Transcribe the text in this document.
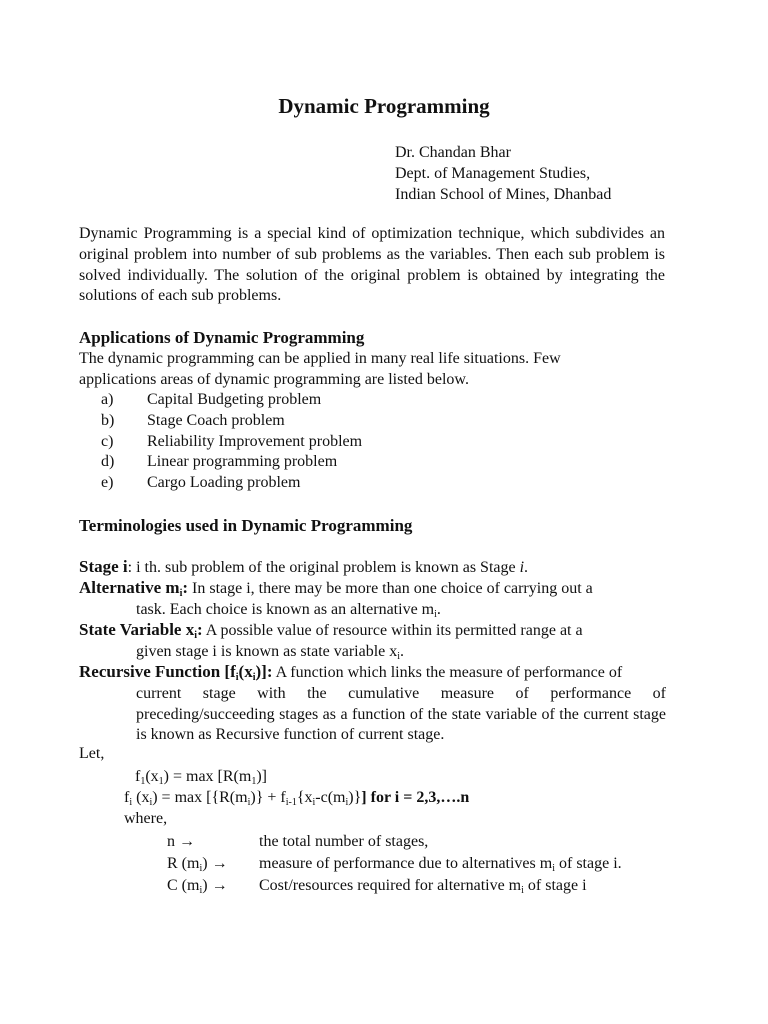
Dynamic Programming
Dr. Chandan Bhar
Dept. of Management Studies,
Indian School of Mines, Dhanbad
Dynamic Programming is a special kind of optimization technique, which subdivides an original problem into number of sub problems as the variables. Then each sub problem is solved individually. The solution of the original problem is obtained by integrating the solutions of each sub problems.
Applications of Dynamic Programming
The dynamic programming can be applied in many real life situations. Few
applications areas of dynamic programming are listed below.
a)	Capital Budgeting problem
b)	Stage Coach problem
c)	Reliability Improvement problem
d)	Linear programming problem
e)	Cargo Loading problem
Terminologies used in Dynamic Programming
Stage i: i th. sub problem of the original problem is known as Stage i.
Alternative $m_i$: In stage i, there may be more than one choice of carrying out a
task. Each choice is known as an alternative $m_i$.
State Variable $x_i$: A possible value of resource within its permitted range at a
given stage i is known as state variable $x_i$.
Recursive Function $[f_i(x_i)]$: A function which links the measure of performance of
current stage with the cumulative measure of performance of preceding/succeeding stages as a function of the state variable of the current stage is known as Recursive function of current stage.
Let,
$f_1(x_1) = \max [R(m_1)]$
$f_i$ $(x_i) = \max [\{R(m_i)\} + f_{i-1}\{x_i-c(m_i)\}]$ for i = 2,3,….n
where,
n →	the total number of stages,
R $(m_i)$ →	measure of performance due to alternatives $m_i$ of stage i.
C $(m_i)$ →	Cost/resources required for alternative $m_i$ of stage i
